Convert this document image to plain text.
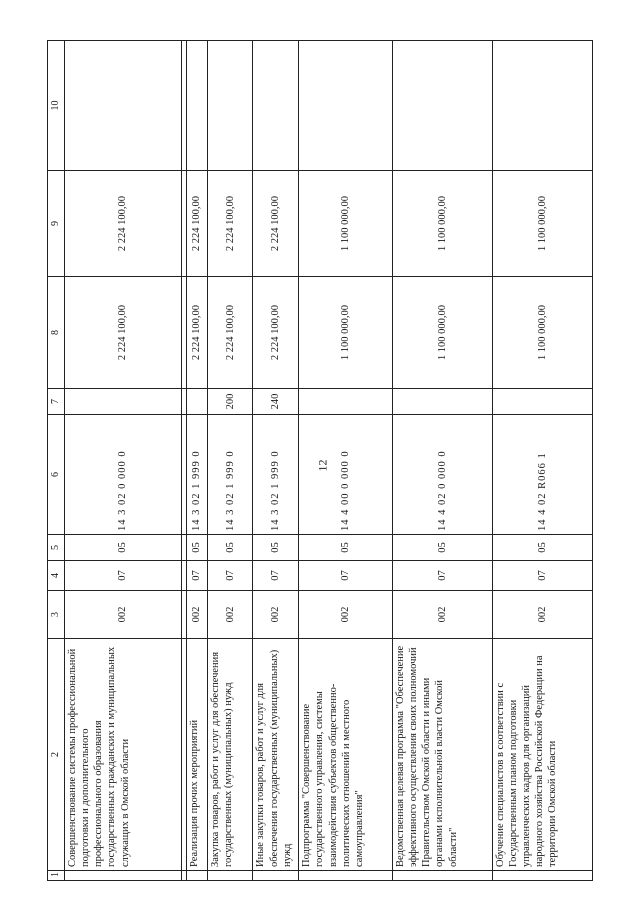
12
1	2	3	4	5	6	7	8	9	10
	Совершенствование системы профессиональной подготовки и дополнительного профессионального образования государственных гражданских и муниципальных служащих в Омской области	002	07	05	14 3 02 0 000 0		2 224 100,00	2 224 100,00	

	Реализация прочих мероприятий	002	07	05	14 3 02 1 999 0		2 224 100,00	2 224 100,00	
	Закупка товаров, работ и услуг для обеспечения государственных (муниципальных) нужд	002	07	05	14 3 02 1 999 0	200	2 224 100,00	2 224 100,00	
	Иные закупки товаров, работ и услуг для обеспечения государственных (муниципальных) нужд	002	07	05	14 3 02 1 999 0	240	2 224 100,00	2 224 100,00	
	Подпрограмма "Совершенствование государственного управления, системы взаимодействия субъектов общественно-политических отношений и местного самоуправления"	002	07	05	14 4 00 0 000 0		1 100 000,00	1 100 000,00	
	Ведомственная целевая программа "Обеспечение эффективного осуществления своих полномочий Правительством Омской области и иными органами исполнительной власти Омской области"	002	07	05	14 4 02 0 000 0		1 100 000,00	1 100 000,00	
	Обучение специалистов в соответствии с Государственным планом подготовки управленческих кадров для организаций народного хозяйства Российской Федерации на территории Омской области	002	07	05	14 4 02 R066 1		1 100 000,00	1 100 000,00	
